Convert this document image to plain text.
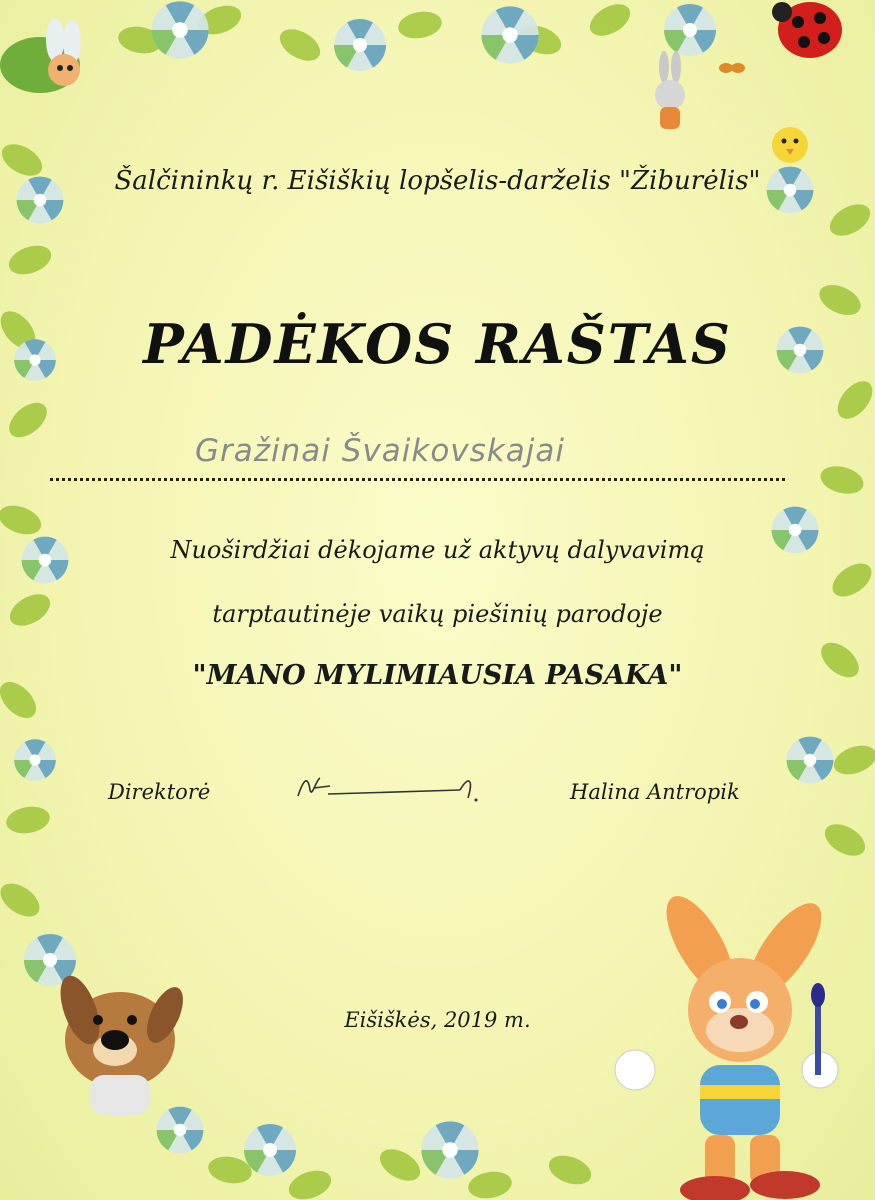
Šalčininkų r. Eišiškių lopšelis-darželis "Žiburėlis"

PADĖKOS RAŠTAS
Gražinai Švaikovskajai

Nuoširdžiai dėkojame už aktyvų dalyvavimą

tarptautinėje vaikų piešinių parodoje

"MANO MYLIMIAUSIA PASAKA"

Direktorė	Halina Antropik

Eišiškės, 2019 m.
